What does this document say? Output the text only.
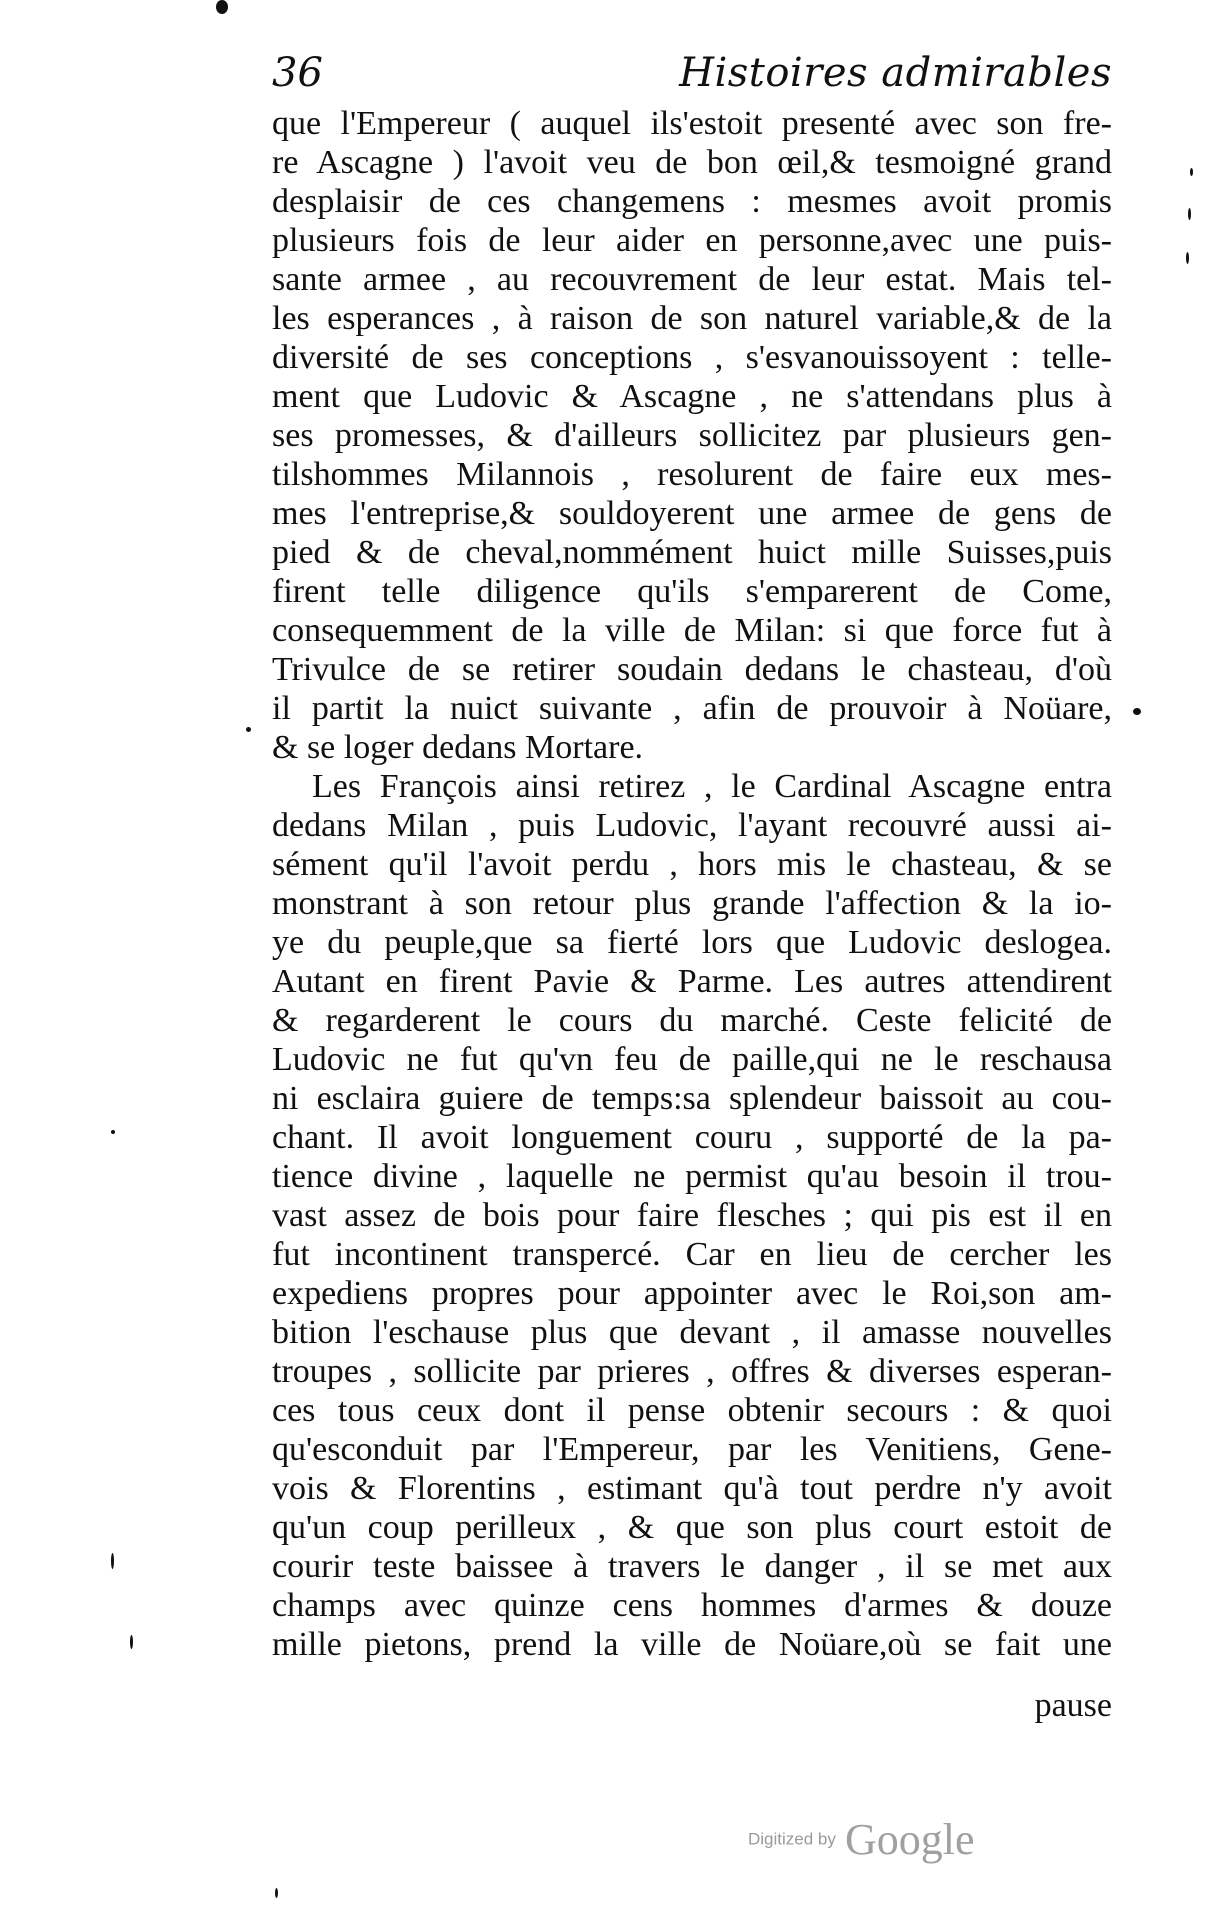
36	Histoires admirables
que l'Empereur ( auquel ils'estoit presenté avec son fre-
re Ascagne ) l'avoit veu de bon œil,& tesmoigné grand
desplaisir de ces changemens : mesmes avoit promis
plusieurs fois de leur aider en personne,avec une puis-
sante armee , au recouvrement de leur estat. Mais tel-
les esperances , à raison de son naturel variable,& de la
diversité de ses conceptions , s'esvanouissoyent : telle-
ment que Ludovic & Ascagne , ne s'attendans plus à
ses promesses, & d'ailleurs sollicitez par plusieurs gen-
tilshommes Milannois , resolurent de faire eux mes-
mes l'entreprise,& souldoyerent une armee de gens de
pied & de cheval,nommément huict mille Suisses,puis
firent telle diligence qu'ils s'emparerent de Come,
consequemment de la ville de Milan: si que force fut à
Trivulce de se retirer soudain dedans le chasteau, d'où
il partit la nuict suivante , afin de prouvoir à Noüare,
& se loger dedans Mortare.
Les François ainsi retirez , le Cardinal Ascagne entra
dedans Milan , puis Ludovic, l'ayant recouvré aussi ai-
sément qu'il l'avoit perdu , hors mis le chasteau, & se
monstrant à son retour plus grande l'affection & la io-
ye du peuple,que sa fierté lors que Ludovic deslogea.
Autant en firent Pavie & Parme. Les autres attendirent
& regarderent le cours du marché. Ceste felicité de
Ludovic ne fut qu'vn feu de paille,qui ne le reschausa
ni esclaira guiere de temps:sa splendeur baissoit au cou-
chant. Il avoit longuement couru , supporté de la pa-
tience divine , laquelle ne permist qu'au besoin il trou-
vast assez de bois pour faire flesches ; qui pis est il en
fut incontinent transpercé. Car en lieu de cercher les
expediens propres pour appointer avec le Roi,son am-
bition l'eschause plus que devant , il amasse nouvelles
troupes , sollicite par prieres , offres & diverses esperan-
ces tous ceux dont il pense obtenir secours : & quoi
qu'esconduit par l'Empereur, par les Venitiens, Gene-
vois & Florentins , estimant qu'à tout perdre n'y avoit
qu'un coup perilleux , & que son plus court estoit de
courir teste baissee à travers le danger , il se met aux
champs avec quinze cens hommes d'armes & douze
mille pietons, prend la ville de Noüare,où se fait une
pause
Digitized by Google
